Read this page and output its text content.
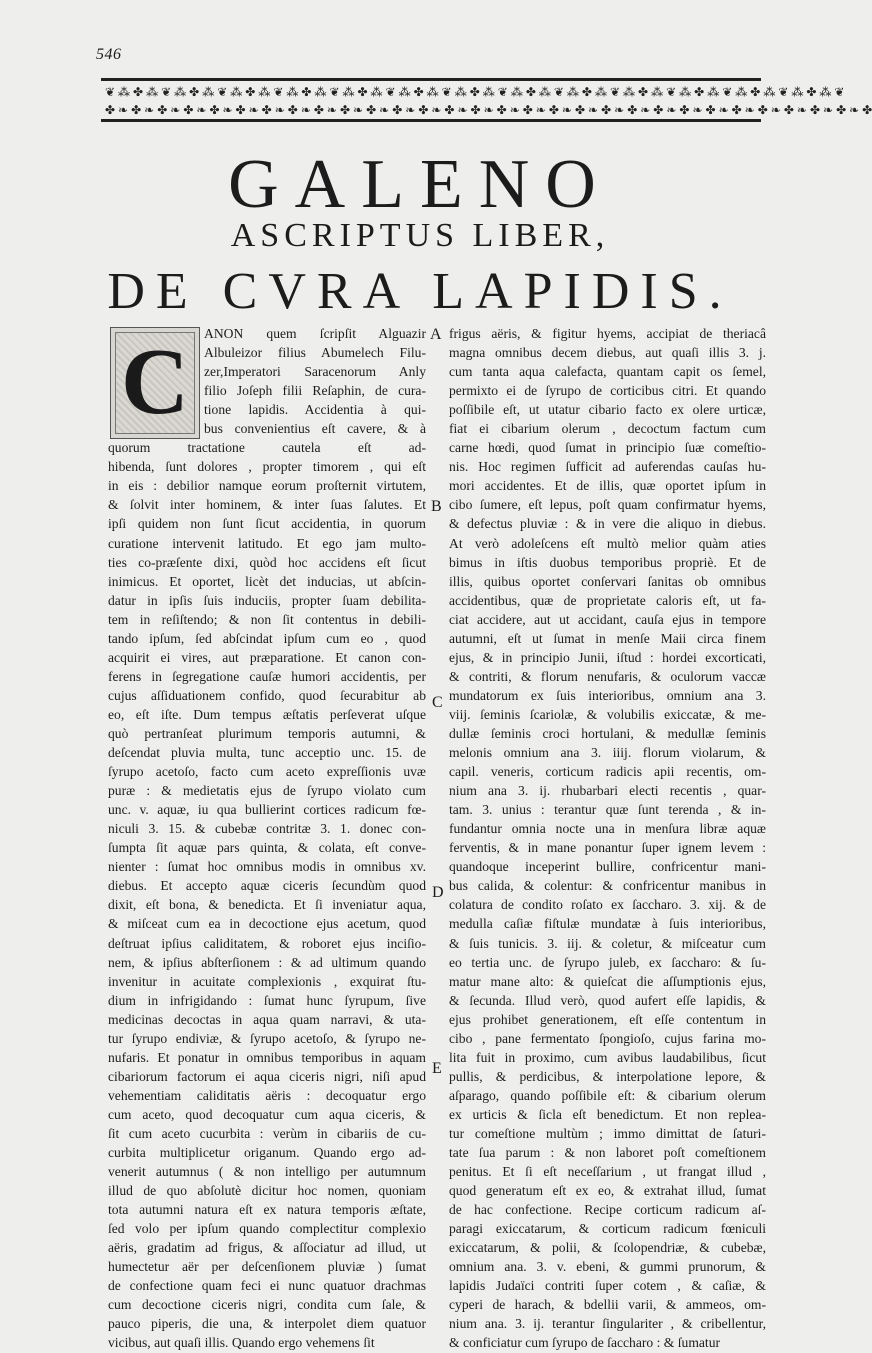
546
❦ ⁂ ✤ ⁂ ❦ ⁂ ✤ ⁂ ❦ ⁂ ✤ ⁂ ❦ ⁂ ✤ ⁂ ❦ ⁂ ✤ ⁂ ❦ ⁂ ✤ ⁂ ❦ ⁂ ✤ ⁂ ❦ ⁂ ✤ ⁂ ❦ ⁂ ✤ ⁂ ❦ ⁂ ✤ ⁂ ❦ ⁂ ✤ ⁂ ❦ ⁂ ✤ ⁂ ❦ ⁂ ✤ ⁂ ❦
✤ ❧ ✤ ❧ ✤ ❧ ✤ ❧ ✤ ❧ ✤ ❧ ✤ ❧ ✤ ❧ ✤ ❧ ✤ ❧ ✤ ❧ ✤ ❧ ✤ ❧ ✤ ❧ ✤ ❧ ✤ ❧ ✤ ❧ ✤ ❧ ✤ ❧ ✤ ❧ ✤ ❧ ✤ ❧ ✤ ❧ ✤ ❧ ✤ ❧ ✤ ❧ ✤ ❧ ✤ ❧ ✤ ❧ ✤
GALENO
ASCRIPTUS LIBER,
DE CVRA LAPIDIS.
C	ANON quem ſcripſit Alguazir
Albuleizor filius Abumelech Filu-
zer,Imperatori Saracenorum Anly
filio Joſeph filii Reſaphin, de cura-
tione lapidis. Accidentia à qui-
bus convenientius eſt cavere, & à
quorum tractatione cautela eſt ad-
hibenda, ſunt dolores , propter timorem , qui eſt
in eis : debilior namque eorum proſternit virtutem,
& ſolvit inter hominem, & inter ſuas ſalutes. Et
ipſi quidem non ſunt ſicut accidentia, in quorum
curatione intervenit latitudo. Et ego jam multo-
ties co-præſente dixi, quòd hoc accidens eſt ſicut
inimicus. Et oportet, licèt det inducias, ut abſcin-
datur in ipſis ſuis induciis, propter ſuam debilita-
tem in reſiſtendo; & non ſit contentus in debili-
tando ipſum, ſed abſcindat ipſum cum eo , quod
acquirit ei vires, aut præparatione. Et canon con-
ferens in ſegregatione cauſæ humori accidentis, per
cujus aſſiduationem confido, quod ſecurabitur ab
eo, eſt iſte. Dum tempus æſtatis perſeverat uſque
quò pertranſeat plurimum temporis autumni, &
deſcendat pluvia multa, tunc acceptio unc. 15. de
ſyrupo acetoſo, facto cum aceto expreſſionis uvæ
puræ : & medietatis ejus de ſyrupo violato cum
unc. v. aquæ, iu qua bullierint cortices radicum fœ-
niculi 3. 15. & cubebæ contritæ 3. 1. donec con-
ſumpta ſit aquæ pars quinta, & colata, eſt conve-
nienter : ſumat hoc omnibus modis in omnibus xv.
diebus. Et accepto aquæ ciceris ſecundùm quod
dixit, eſt bona, & benedicta. Et ſi inveniatur aqua,
& miſceat cum ea in decoctione ejus acetum, quod
deſtruat ipſius caliditatem, & roboret ejus inciſio-
nem, & ipſius abſterſionem : & ad ultimum quando
invenitur in acuitate complexionis , exquirat ſtu-
dium in infrigidando : ſumat hunc ſyrupum, ſive
medicinas decoctas in aqua quam narravi, & uta-
tur ſyrupo endiviæ, & ſyrupo acetoſo, & ſyrupo ne-
nufaris. Et ponatur in omnibus temporibus in aquam
cibariorum factorum ei aqua ciceris nigri, niſi apud
vehementiam caliditatis aëris : decoquatur ergo
cum aceto, quod decoquatur cum aqua ciceris, &
ſit cum aceto cucurbita : verùm in cibariis de cu-
curbita multiplicetur origanum. Quando ergo ad-
venerit autumnus ( & non intelligo per autumnum
illud de quo abſolutè dicitur hoc nomen, quoniam
tota autumni natura eſt ex natura temporis æſtate,
ſed volo per ipſum quando complectitur complexio
aëris, gradatim ad frigus, & aſſociatur ad illud, ut
humectetur aër per deſcenſionem pluviæ ) ſumat
de confectione quam feci ei nunc quatuor drachmas
cum decoctione ciceris nigri, condita cum ſale, &
pauco piperis, die una, & interpolet diem quatuor
vicibus, aut quaſi illis. Quando ergo vehemens ſit
frigus aëris, & figitur hyems, accipiat de theriacâ
magna omnibus decem diebus, aut quaſi illis 3. j.
cum tanta aqua calefacta, quantam capit os ſemel,
permixto ei de ſyrupo de corticibus citri. Et quando
poſſibile eſt, ut utatur cibario facto ex olere urticæ,
fiat ei cibarium olerum , decoctum factum cum
carne hœdi, quod ſumat in principio ſuæ comeſtio-
nis. Hoc regimen ſufficit ad auferendas cauſas hu-
mori accidentes. Et de illis, quæ oportet ipſum in
cibo ſumere, eſt lepus, poſt quam confirmatur hyems,
& defectus pluviæ : & in vere die aliquo in diebus.
At verò adoleſcens eſt multò melior quàm aties
bimus in iſtis duobus temporibus propriè. Et de
illis, quibus oportet conſervari ſanitas ob omnibus
accidentibus, quæ de proprietate caloris eſt, ut fa-
ciat accidere, aut ut accidant, cauſa ejus in tempore
autumni, eſt ut ſumat in menſe Maii circa finem
ejus, & in principio Junii, iſtud : hordei excorticati,
& contriti, & florum nenufaris, & oculorum vaccæ
mundatorum ex ſuis interioribus, omnium ana 3.
viij. ſeminis ſcariolæ, & volubilis exiccatæ, & me-
dullæ ſeminis croci hortulani, & medullæ ſeminis
melonis omnium ana 3. iiij. florum violarum, &
capil. veneris, corticum radicis apii recentis, om-
nium ana 3. ij. rhubarbari electi recentis , quar-
tam. 3. unius : terantur quæ ſunt terenda , & in-
fundantur omnia nocte una in menſura libræ aquæ
ferventis, & in mane ponantur ſuper ignem levem :
quandoque inceperint bullire, confricentur mani-
bus calida, & colentur: & confricentur manibus in
colatura de condito roſato ex ſaccharo. 3. xij. & de
medulla caſiæ fiſtulæ mundatæ à ſuis interioribus,
& ſuis tunicis. 3. iij. & coletur, & miſceatur cum
eo tertia unc. de ſyrupo juleb, ex ſaccharo: & ſu-
matur mane alto: & quieſcat die aſſumptionis ejus,
& ſecunda. Illud verò, quod aufert eſſe lapidis, &
ejus prohibet generationem, eſt eſſe contentum in
cibo , pane fermentato ſpongioſo, cujus farina mo-
lita fuit in proximo, cum avibus laudabilibus, ſicut
pullis, & perdicibus, & interpolatione lepore, &
aſparago, quando poſſibile eſt: & cibarium olerum
ex urticis & ſicla eſt benedictum. Et non replea-
tur comeſtione multùm ; immo dimittat de ſaturi-
tate ſua parum : & non laboret poſt comeſtionem
penitus. Et ſi eſt neceſſarium , ut frangat illud ,
quod generatum eſt ex eo, & extrahat illud, ſumat
de hac confectione. Recipe corticum radicum aſ-
paragi exiccatarum, & corticum radicum fœniculi
exiccatarum, & polii, & ſcolopendriæ, & cubebæ,
omnium ana. 3. v. ebeni, & gummi prunorum, &
lapidis Judaïci contriti ſuper cotem , & caſiæ, &
cyperi de harach, & bdellii varii, & ammeos, om-
nium ana. 3. ij. terantur ſingulariter , & cribellentur,
& conficiatur cum ſyrupo de ſaccharo : & ſumatur
A
B
C
D
E
